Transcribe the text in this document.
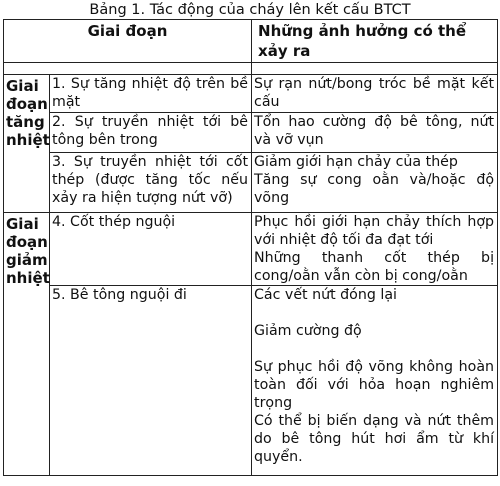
Bảng 1. Tác động của cháy lên kết cấu BTCT
Giai đoạn		Những ảnh hưởng có thể xảy ra

Giai đoạn tăng nhiệt	1. Sự tăng nhiệt độ trên bề mặt	Sự rạn nứt/bong tróc bề mặt kết cấu

	2. Sự truyền nhiệt tới bê tông bên trong	Tổn hao cường độ bê tông, nứt và vỡ vụn

	3. Sự truyền nhiệt tới cốt thép (được tăng tốc nếu xảy ra hiện tượng nứt vỡ)	Giảm giới hạn chảy của thép
Tăng sự cong oằn và/hoặc độ võng

Giai đoạn giảm nhiệt	4. Cốt thép nguội	Phục hồi giới hạn chảy thích hợp với nhiệt độ tối đa đạt tới
Những thanh cốt thép bị cong/oằn vẫn còn bị cong/oằn

	5. Bê tông nguội đi	Các vết nứt đóng lại
Giảm cường độ
Sự phục hồi độ võng không hoàn toàn đối với hỏa hoạn nghiêm trọng
Có thể bị biến dạng và nứt thêm do bê tông hút hơi ẩm từ khí quyển.
